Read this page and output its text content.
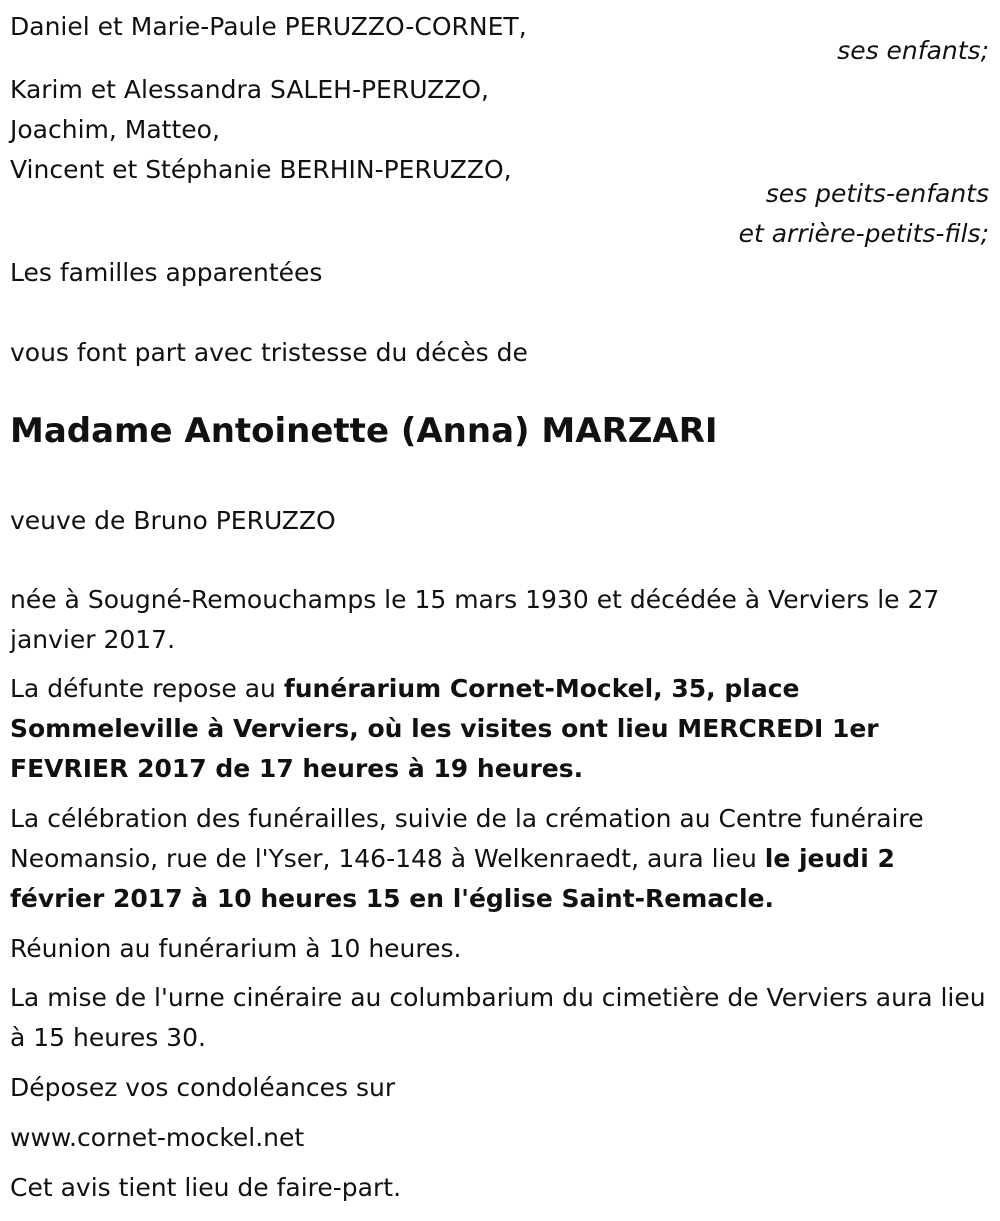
Daniel et Marie-Paule PERUZZO-CORNET,
ses enfants;
Karim et Alessandra SALEH-PERUZZO,
Joachim, Matteo,
Vincent et Stéphanie BERHIN-PERUZZO,
ses petits-enfants
et arrière-petits-fils;
Les familles apparentées
vous font part avec tristesse du décès de
Madame Antoinette (Anna) MARZARI
veuve de Bruno PERUZZO
née à Sougné-Remouchamps le 15 mars 1930 et décédée à Verviers le 27 janvier 2017.
La défunte repose au funérarium Cornet-Mockel, 35, place Sommeleville à Verviers, où les visites ont lieu MERCREDI 1er FEVRIER 2017 de 17 heures à 19 heures.
La célébration des funérailles, suivie de la crémation au Centre funéraire Neomansio, rue de l'Yser, 146-148 à Welkenraedt, aura lieu le jeudi 2 février 2017 à 10 heures 15 en l'église Saint-Remacle.
Réunion au funérarium à 10 heures.
La mise de l'urne cinéraire au columbarium du cimetière de Verviers aura lieu à 15 heures 30.
Déposez vos condoléances sur
www.cornet-mockel.net
Cet avis tient lieu de faire-part.
